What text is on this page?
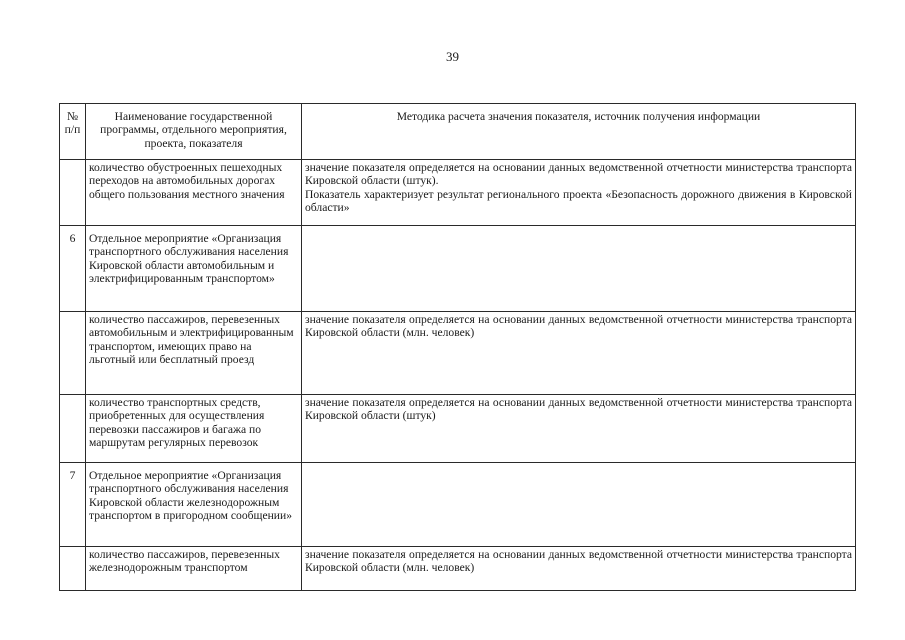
39
№ п/п	Наименование государственной программы, отдельного мероприятия, проекта, показателя	Методика расчета значения показателя, источник получения информации
	количество обустроенных пешеходных переходов на автомобильных дорогах общего пользования местного значения	значение показателя определяется на основании данных ведомственной отчетности министерства транспорта Кировской области (штук).
Показатель характеризует результат регионального проекта «Безопасность дорожного движения в Кировской области»

6	Отдельное мероприятие «Организация транспортного обслуживания населения Кировской области автомобильным и электрифицированным транспортом»	
	количество пассажиров, перевезенных автомобильным и электрифицированным транспортом, имеющих право на льготный или бесплатный проезд	значение показателя определяется на основании данных ведомственной отчетности министерства транспорта Кировской области (млн. человек)

	количество транспортных средств, приобретенных для осуществления перевозки пассажиров и багажа по маршрутам регулярных перевозок	значение показателя определяется на основании данных ведомственной отчетности министерства транспорта Кировской области (штук)

7	Отдельное мероприятие «Организация транспортного обслуживания населения Кировской области железнодорожным транспортом в пригородном сообщении»	
	количество пассажиров, перевезенных железнодорожным транспортом	значение показателя определяется на основании данных ведомственной отчетности министерства транспорта Кировской области (млн. человек)
